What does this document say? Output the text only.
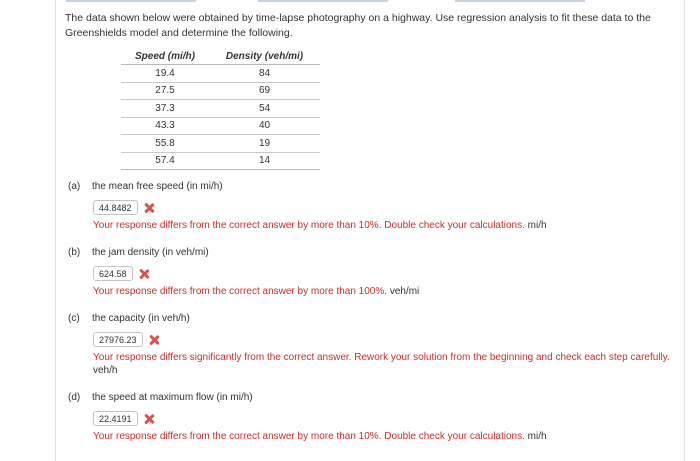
The data shown below were obtained by time-lapse photography on a highway. Use regression analysis to fit these data to the Greenshields model and determine the following.
Speed (mi/h)	Density (veh/mi)
19.4	84
27.5	69
37.3	54
43.3	40
55.8	19
57.4	14
(a)	the mean free speed (in mi/h)
44.8482
Your response differs from the correct answer by more than 10%. Double check your calculations. mi/h
(b)	the jam density (in veh/mi)
624.58
Your response differs from the correct answer by more than 100%. veh/mi
(c)	the capacity (in veh/h)
27976.23
Your response differs significantly from the correct answer. Rework your solution from the beginning and check each step carefully. veh/h
(d)	the speed at maximum flow (in mi/h)
22.4191
Your response differs from the correct answer by more than 10%. Double check your calculations. mi/h
